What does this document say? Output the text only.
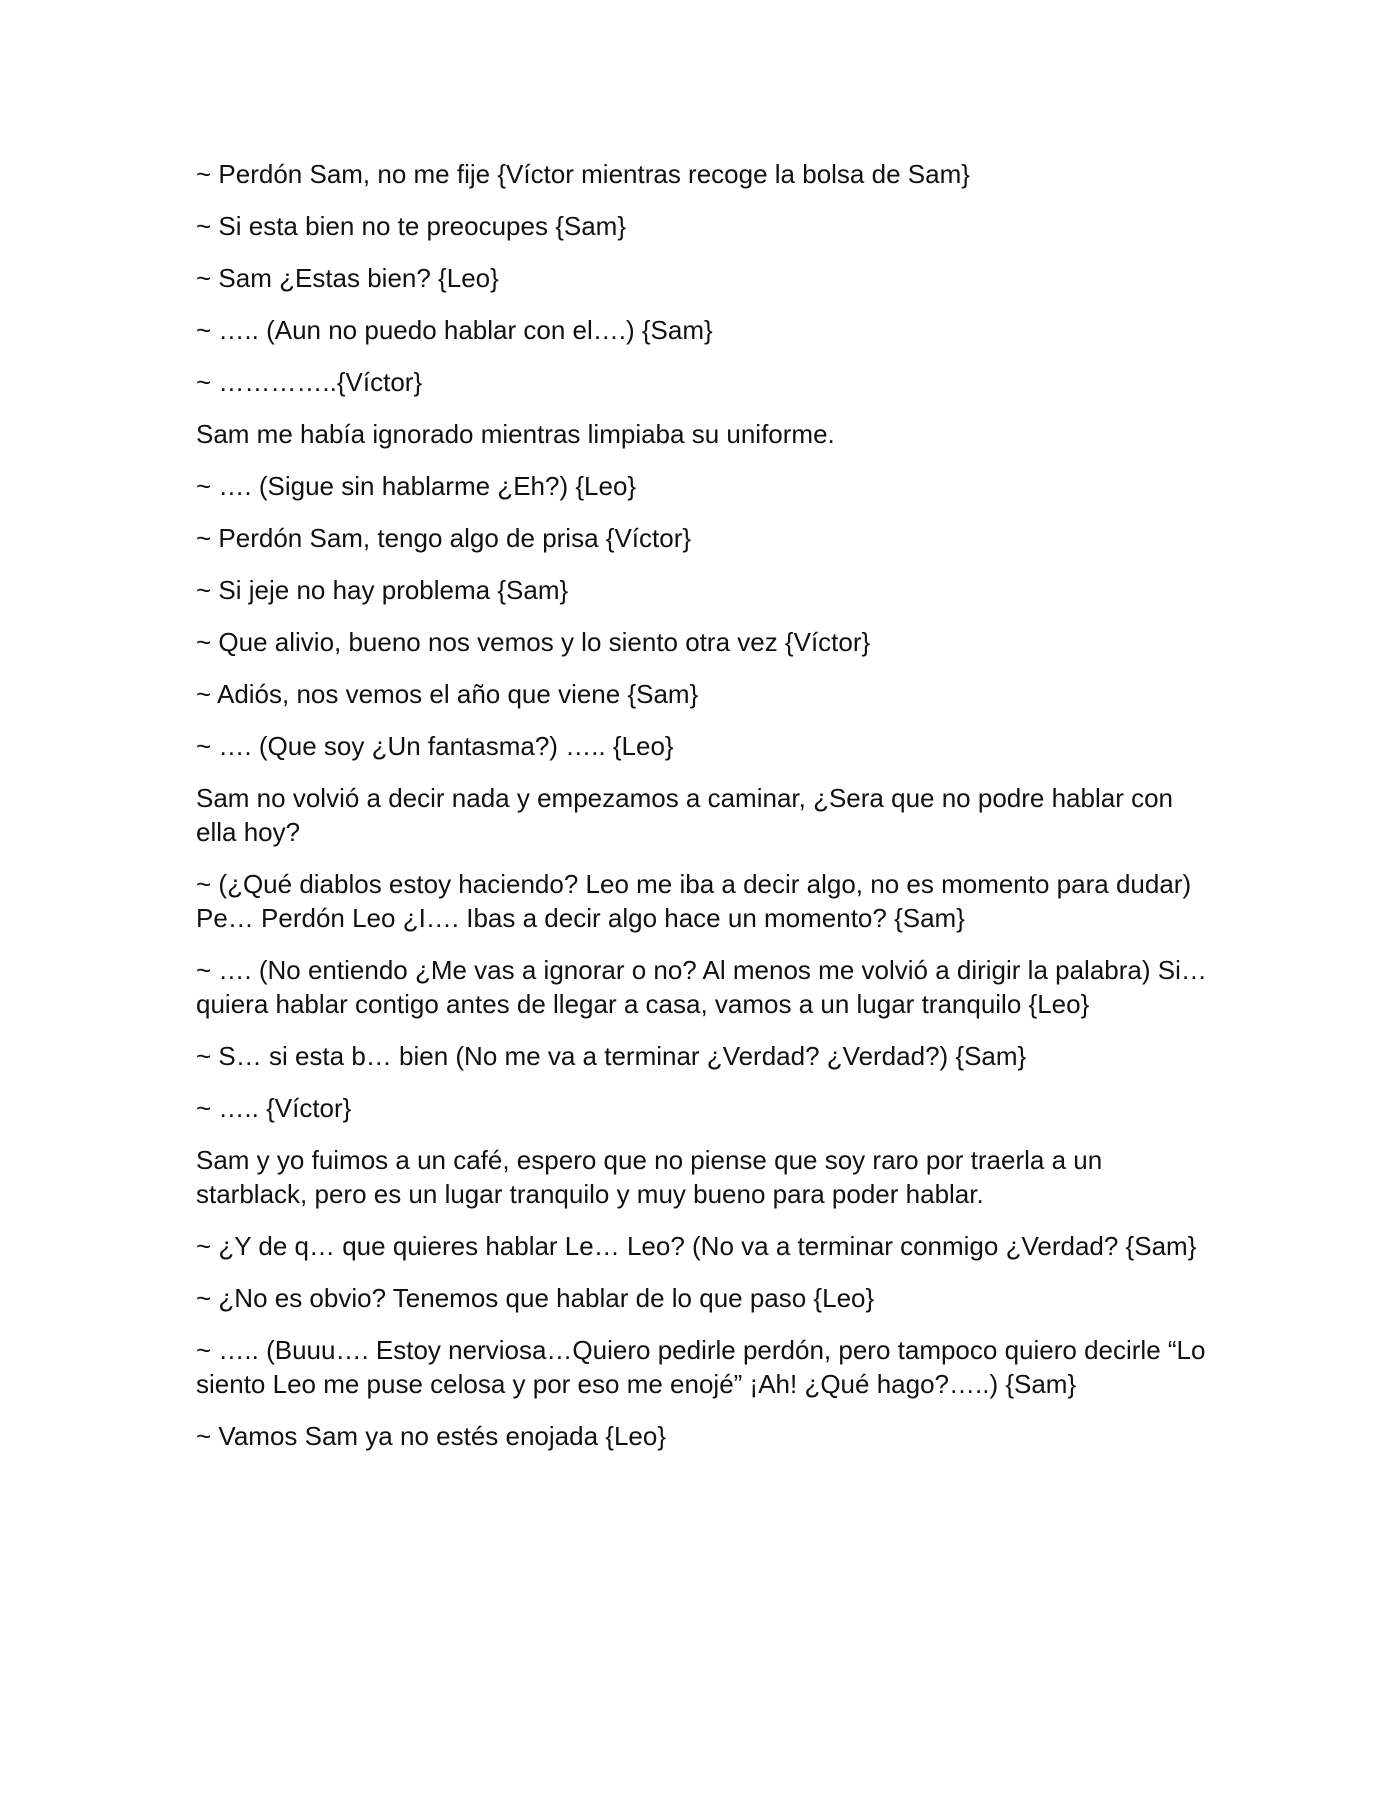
~ Perdón Sam, no me fije {Víctor mientras recoge la bolsa de Sam}

~ Si esta bien no te preocupes {Sam}

~ Sam ¿Estas bien? {Leo}

~ ….. (Aun no puedo hablar con el….) {Sam}

~ …………..{Víctor}

Sam me había ignorado mientras limpiaba su uniforme.

~ …. (Sigue sin hablarme ¿Eh?) {Leo}

~ Perdón Sam, tengo algo de prisa {Víctor}

~ Si jeje no hay problema {Sam}

~ Que alivio, bueno nos vemos y lo siento otra vez {Víctor}

~ Adiós, nos vemos el año que viene {Sam}

~ …. (Que soy ¿Un fantasma?) ….. {Leo}

Sam no volvió a decir nada y empezamos a caminar, ¿Sera que no podre hablar con ella hoy?

~ (¿Qué diablos estoy haciendo? Leo me iba a decir algo, no es momento para dudar) Pe… Perdón Leo ¿I…. Ibas a decir algo hace un momento? {Sam}

~ …. (No entiendo ¿Me vas a ignorar o no? Al menos me volvió a dirigir la palabra) Si… quiera hablar contigo antes de llegar a casa, vamos a un lugar tranquilo {Leo}

~ S… si esta b… bien (No me va a terminar ¿Verdad? ¿Verdad?) {Sam}

~ ….. {Víctor}

Sam y yo fuimos a un café, espero que no piense que soy raro por traerla a un starblack, pero es un lugar tranquilo y muy bueno para poder hablar.

~ ¿Y de q… que quieres hablar Le… Leo? (No va a terminar conmigo ¿Verdad? {Sam}

~ ¿No es obvio? Tenemos que hablar de lo que paso {Leo}

~ ….. (Buuu…. Estoy nerviosa…Quiero pedirle perdón, pero tampoco quiero decirle “Lo siento Leo me puse celosa y por eso me enojé” ¡Ah! ¿Qué hago?…..) {Sam}

~ Vamos Sam ya no estés enojada {Leo}
